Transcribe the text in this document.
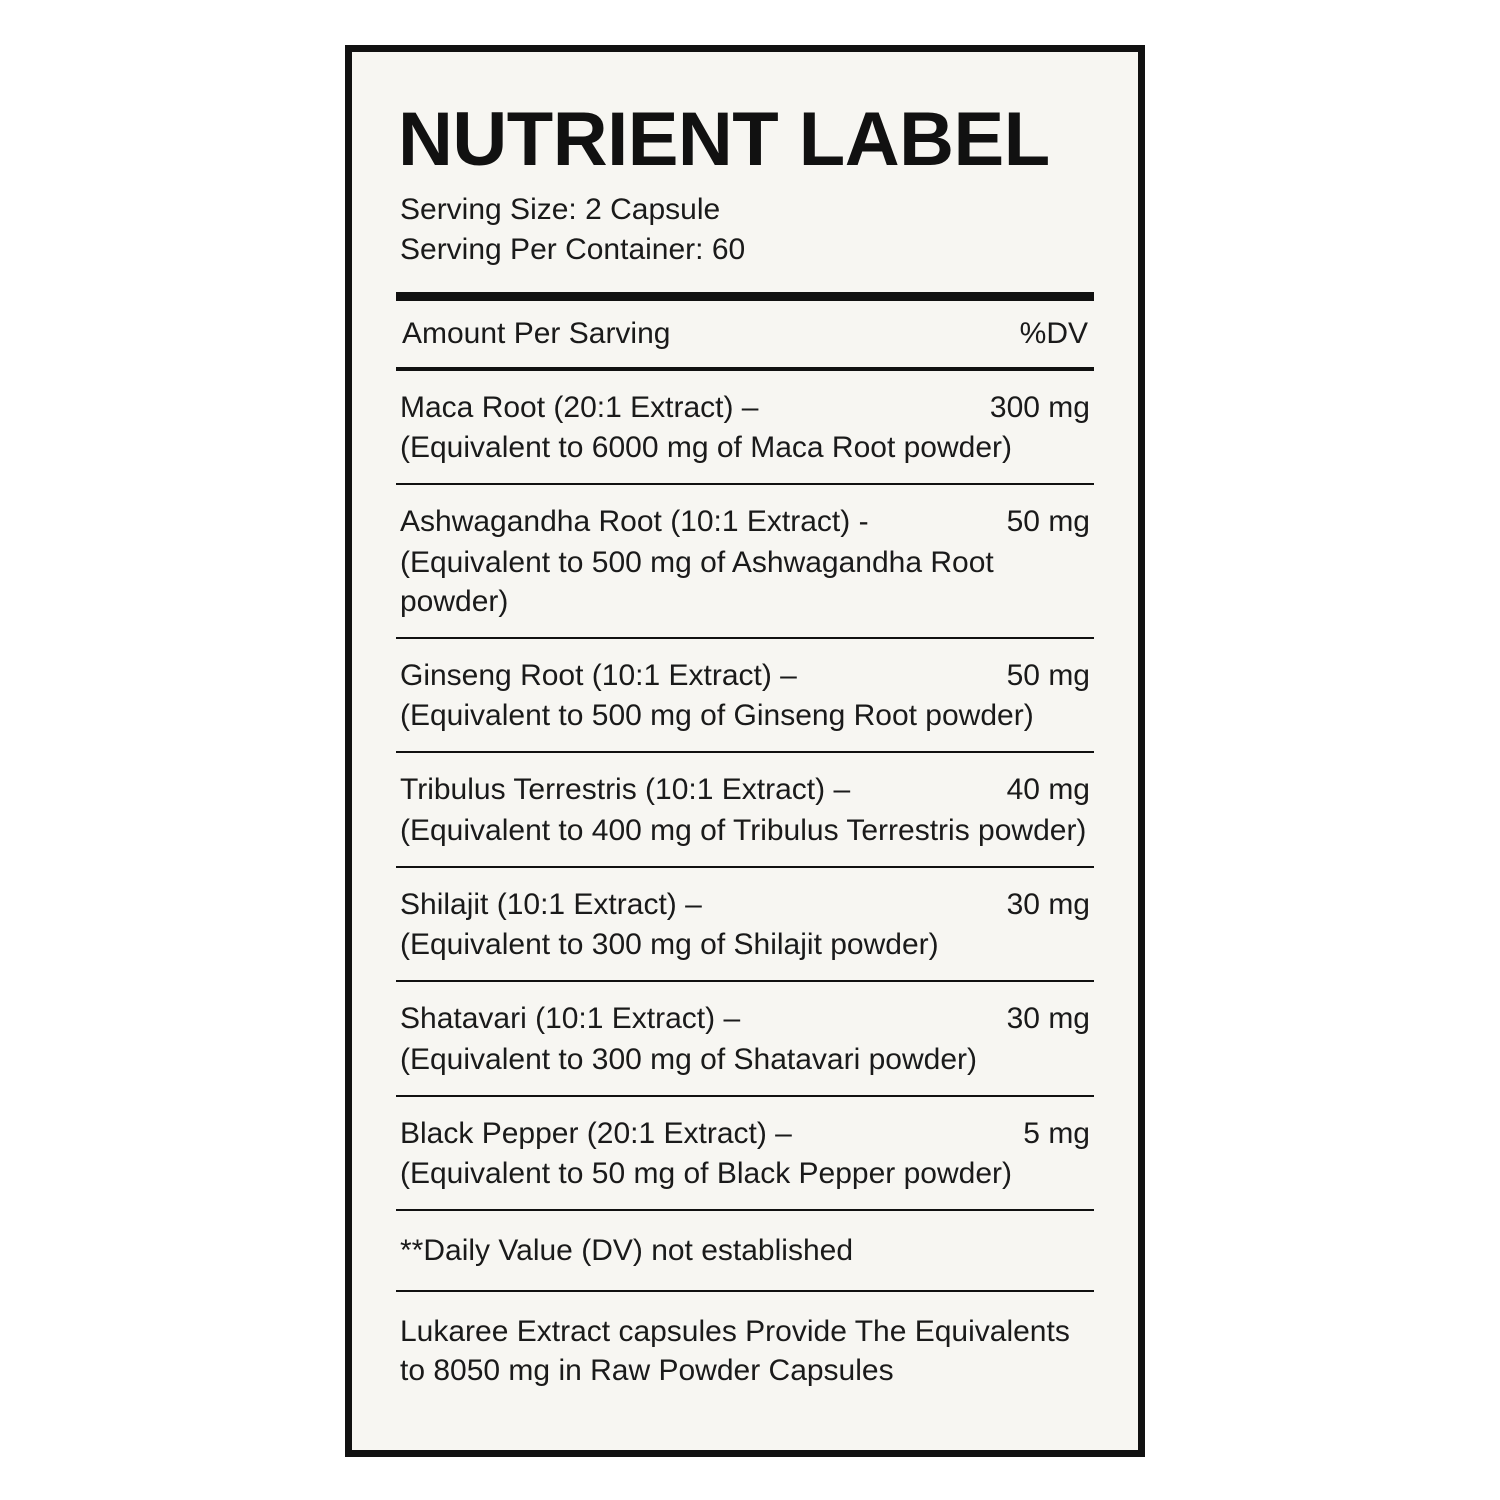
NUTRIENT LABEL
Serving Size: 2 Capsule
Serving Per Container: 60
Amount Per Sarving	%DV
Maca Root (20:1 Extract) –	300 mg
(Equivalent to 6000 mg of Maca Root powder)
Ashwagandha Root (10:1 Extract) -	50 mg
(Equivalent to 500 mg of Ashwagandha Root powder)
Ginseng Root (10:1 Extract) –	50 mg
(Equivalent to 500 mg of Ginseng Root powder)
Tribulus Terrestris (10:1 Extract) –	40 mg
(Equivalent to 400 mg of Tribulus Terrestris powder)
Shilajit (10:1 Extract) –	30 mg
(Equivalent to 300 mg of Shilajit powder)
Shatavari (10:1 Extract) –	30 mg
(Equivalent to 300 mg of Shatavari powder)
Black Pepper (20:1 Extract) –	5 mg
(Equivalent to 50 mg of Black Pepper powder)
**Daily Value (DV) not established
Lukaree Extract capsules Provide The Equivalents to 8050 mg in Raw Powder Capsules
